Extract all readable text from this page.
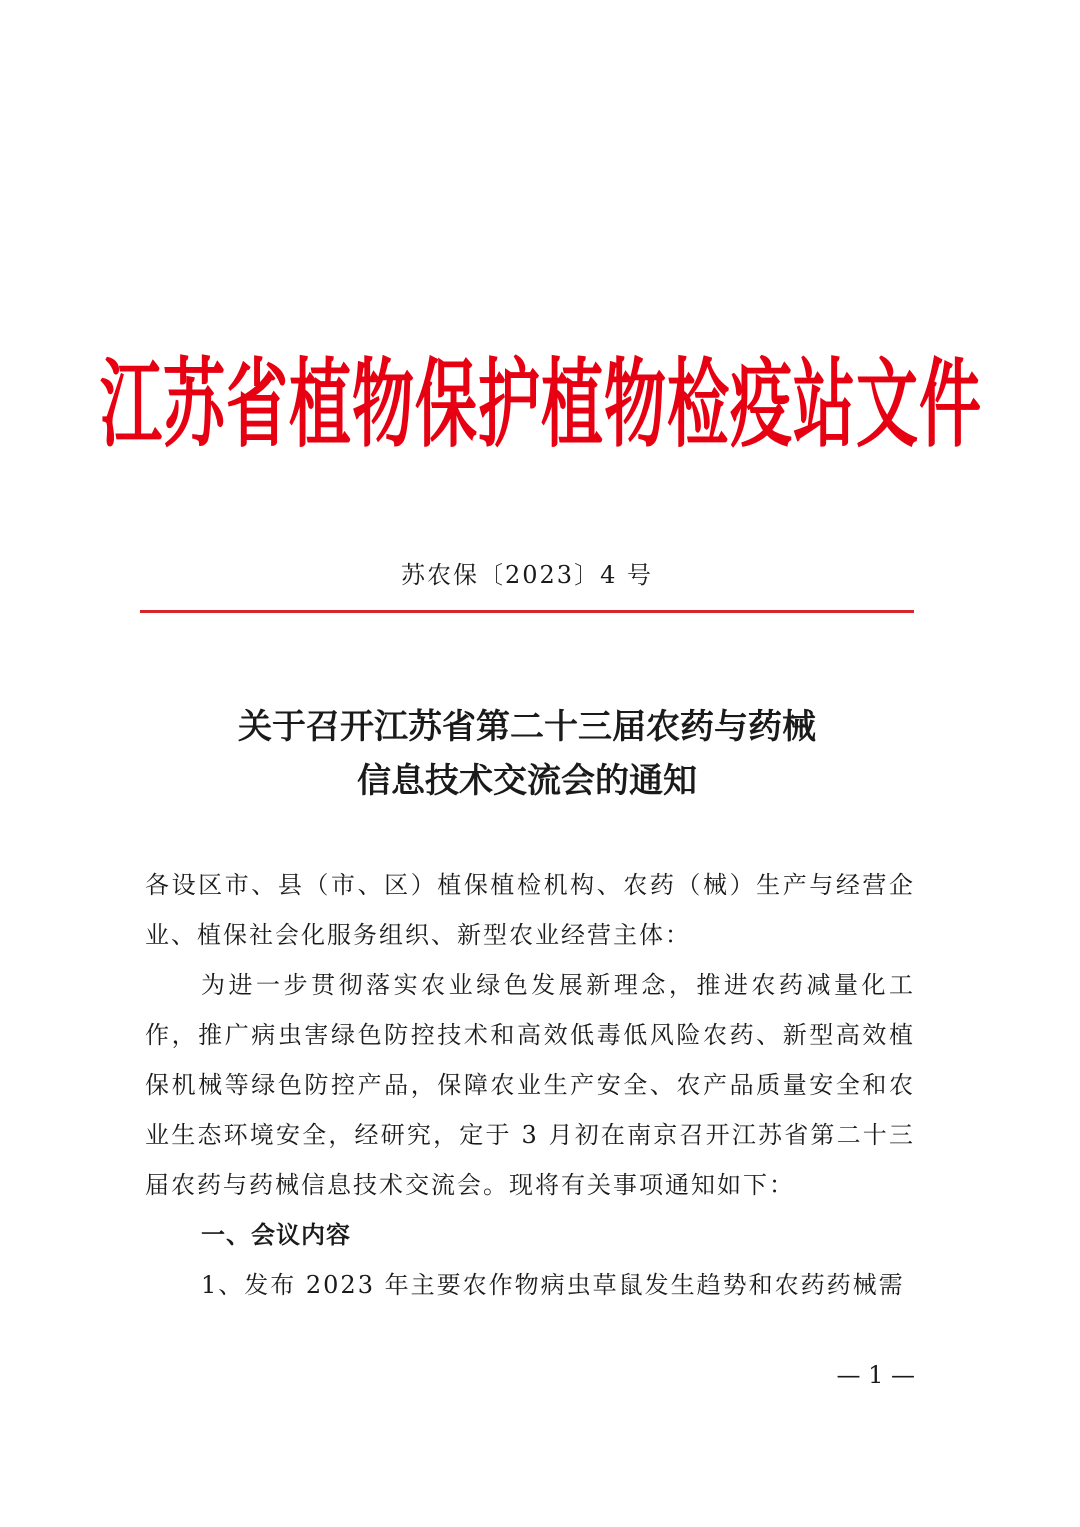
江苏省植物保护植物检疫站文件
苏农保〔2023〕4 号
关于召开江苏省第二十三届农药与药械
信息技术交流会的通知

各设区市、县（市、区）植保植检机构、农药（械）生产与经营企业、植保社会化服务组织、新型农业经营主体：

为进一步贯彻落实农业绿色发展新理念，推进农药减量化工作，推广病虫害绿色防控技术和高效低毒低风险农药、新型高效植保机械等绿色防控产品，保障农业生产安全、农产品质量安全和农业生态环境安全，经研究，定于 3 月初在南京召开江苏省第二十三届农药与药械信息技术交流会。现将有关事项通知如下：

一、会议内容

1、发布 2023 年主要农作物病虫草鼠发生趋势和农药药械需

— 1 —
